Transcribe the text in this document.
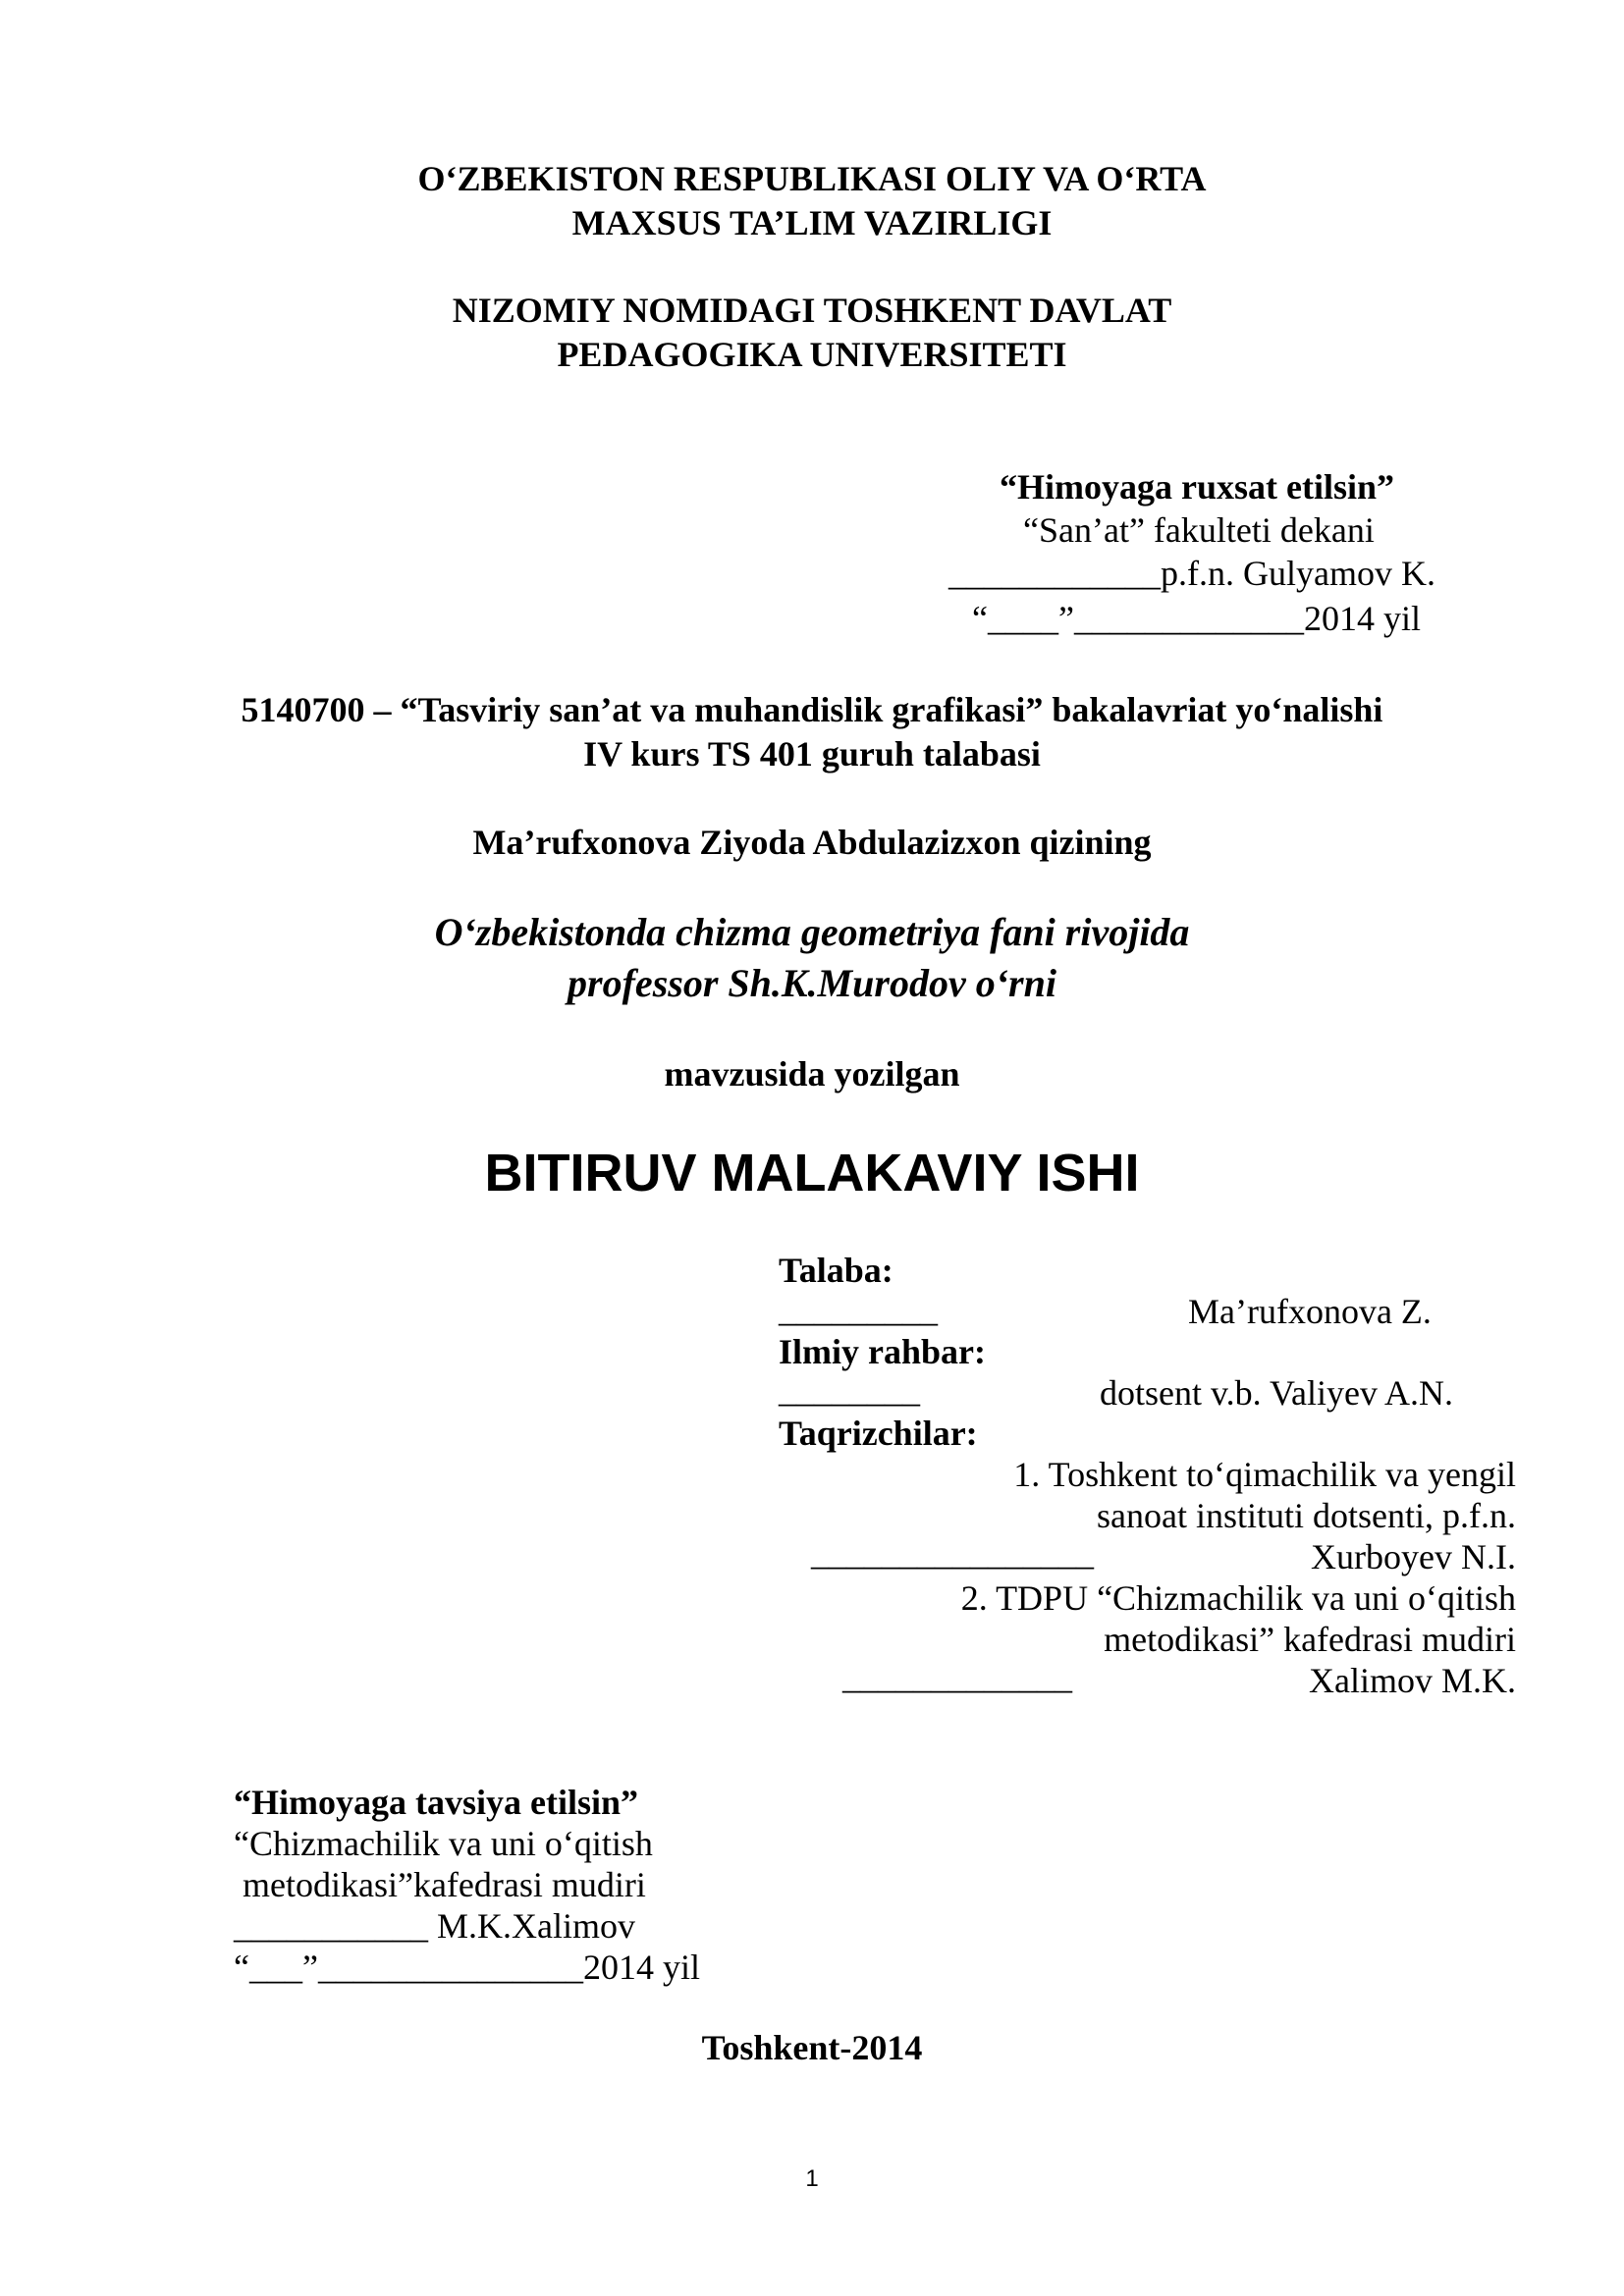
O‘ZBEKISTON RESPUBLIKASI OLIY VA O‘RTA
MAXSUS TA’LIM VAZIRLIGI
NIZOMIY NOMIDAGI TOSHKENT DAVLAT
PEDAGOGIKA UNIVERSITETI
“Himoyaga ruxsat etilsin”
“San’at” fakulteti dekani
____________p.f.n. Gulyamov K.
“____”_____________2014 yil
5140700 – “Tasviriy san’at va muhandislik grafikasi” bakalavriat yo‘nalishi
IV kurs TS 401 guruh talabasi
Ma’rufxonova Ziyoda Abdulazizxon qizining
O‘zbekistonda chizma geometriya fani rivojida
professor Sh.K.Murodov o‘rni
mavzusida yozilgan
BITIRUV MALAKAVIY ISHI
Talaba:
_________	Ma’rufxonova Z.
Ilmiy rahbar:
________	dotsent v.b. Valiyev A.N.
Taqrizchilar:
1. Toshkent to‘qimachilik va yengil
sanoat instituti dotsenti, p.f.n.
________________	Xurboyev N.I.
2. TDPU “Chizmachilik va uni o‘qitish
metodikasi” kafedrasi mudiri
_____________	Xalimov M.K.
“Himoyaga tavsiya etilsin”
“Chizmachilik va uni o‘qitish
metodikasi”kafedrasi mudiri
___________ M.K.Xalimov
“___”_______________2014 yil
Toshkent-2014
1
